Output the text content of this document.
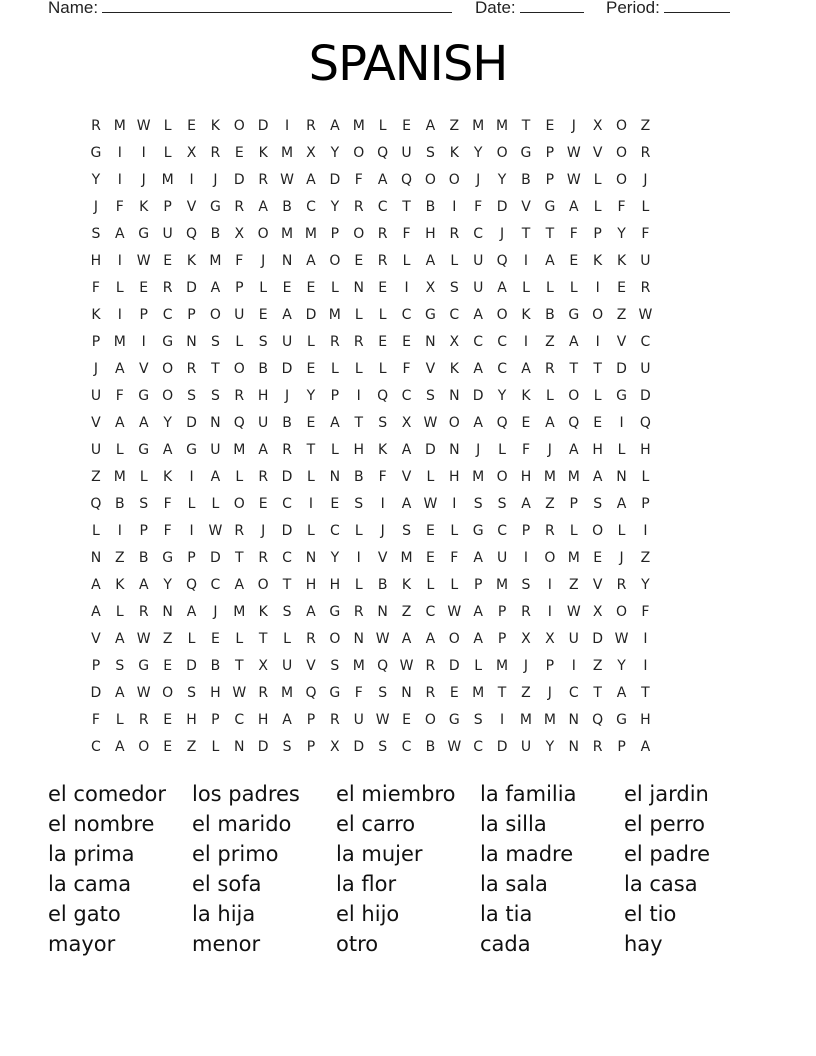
Name:	Date:	Period:
SPANISH
R M W L E K O D I R A M L E A Z M M T E J X O Z
G I I L X R E K M X Y O Q U S K Y O G P W V O R
Y I J M I J D R W A D F A Q O O J Y B P W L O J
J F K P V G R A B C Y R C T B I F D V G A L F L
S A G U Q B X O M M P O R F H R C J T T F P Y F
H I W E K M F J N A O E R L A L U Q I A E K K U
F L E R D A P L E E L N E I X S U A L L L I E R
K I P C P O U E A D M L L C G C A O K B G O Z W
P M I G N S L S U L R R E E N X C C I Z A I V C
J A V O R T O B D E L L L F V K A C A R T T D U
U F G O S S R H J Y P I Q C S N D Y K L O L G D
V A A Y D N Q U B E A T S X W O A Q E A Q E I Q
U L G A G U M A R T L H K A D N J L F J A H L H
Z M L K I A L R D L N B F V L H M O H M M A N L
Q B S F L L O E C I E S I A W I S S A Z P S A P
L I P F I W R J D L C L J S E L G C P R L O L I
N Z B G P D T R C N Y I V M E F A U I O M E J Z
A K A Y Q C A O T H H L B K L L P M S I Z V R Y
A L R N A J M K S A G R N Z C W A P R I W X O F
V A W Z L E L T L R O N W A A O A P X X U D W I
P S G E D B T X U V S M Q W R D L M J P I Z Y I
D A W O S H W R M Q G F S N R E M T Z J C T A T
F L R E H P C H A P R U W E O G S I M M N Q G H
C A O E Z L N D S P X D S C B W C D U Y N R P A
el comedor	los padres	el miembro	la familia	el jardin
el nombre	el marido	el carro	la silla	el perro
la prima	el primo	la mujer	la madre	el padre
la cama	el sofa	la flor	la sala	la casa
el gato	la hija	el hijo	la tia	el tio
mayor	menor	otro	cada	hay
